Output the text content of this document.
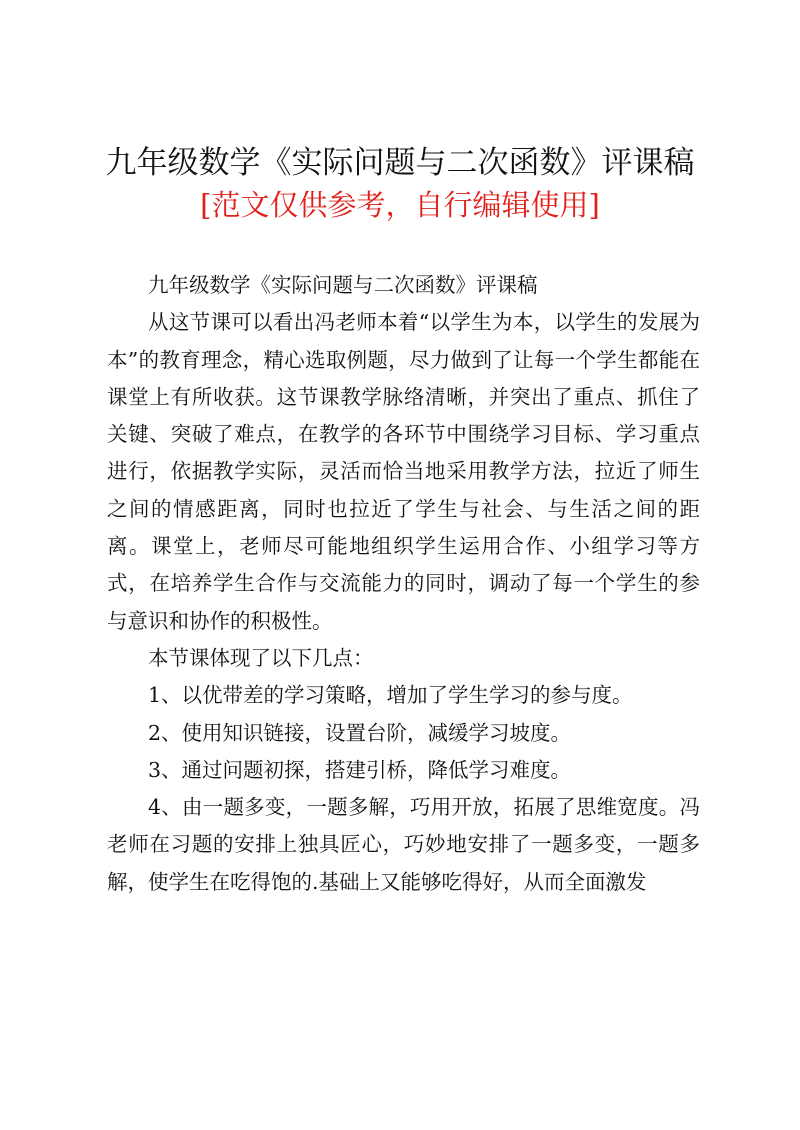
九年级数学《实际问题与二次函数》评课稿
[范文仅供参考，自行编辑使用]

九年级数学《实际问题与二次函数》评课稿

从这节课可以看出冯老师本着“以学生为本，以学生的发展为本”的教育理念，精心选取例题，尽力做到了让每一个学生都能在课堂上有所收获。这节课教学脉络清晰，并突出了重点、抓住了关键、突破了难点，在教学的各环节中围绕学习目标、学习重点进行，依据教学实际，灵活而恰当地采用教学方法，拉近了师生之间的情感距离，同时也拉近了学生与社会、与生活之间的距离。课堂上，老师尽可能地组织学生运用合作、小组学习等方式，在培养学生合作与交流能力的同时，调动了每一个学生的参与意识和协作的积极性。

本节课体现了以下几点：

1、以优带差的学习策略，增加了学生学习的参与度。

2、使用知识链接，设置台阶，减缓学习坡度。

3、通过问题初探，搭建引桥，降低学习难度。

4、由一题多变，一题多解，巧用开放，拓展了思维宽度。冯老师在习题的安排上独具匠心，巧妙地安排了一题多变，一题多解，使学生在吃得饱的.基础上又能够吃得好，从而全面激发
